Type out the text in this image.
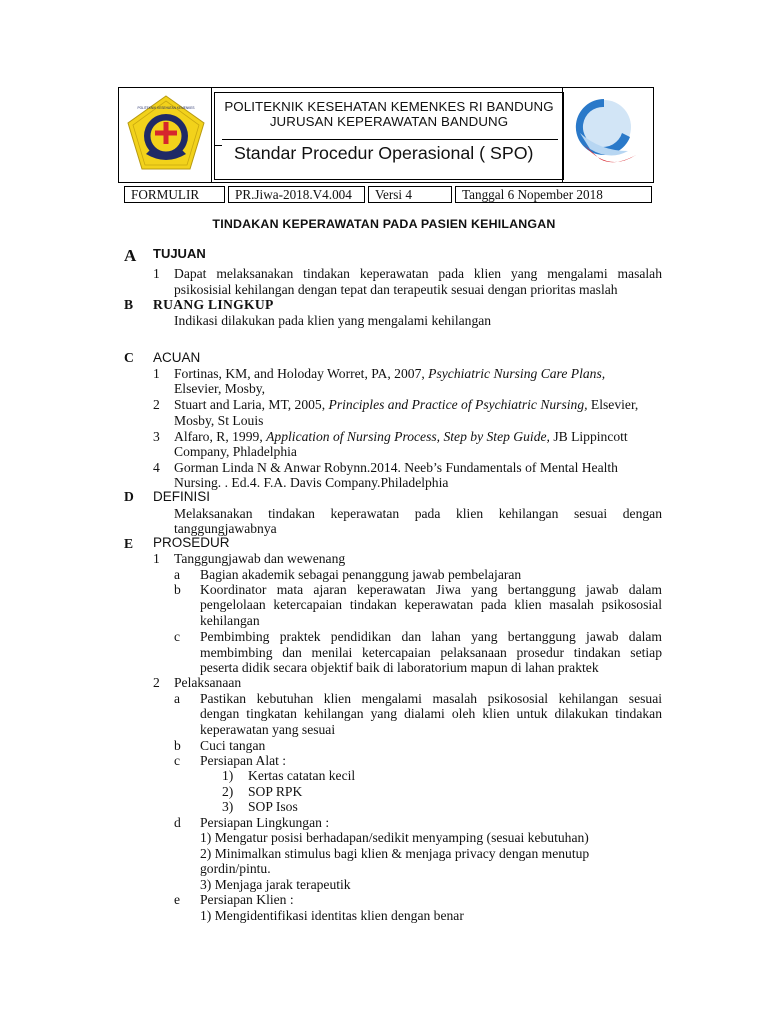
BANDUNG
POLITEKNIK KESEHATAN KEMENKES	POLITEKNIK KESEHATAN KEMENKES RI BANDUNG
JURUSAN KEPERAWATAN BANDUNG
Standar Procedur Operasional ( SPO)
FORMULIR	PR.Jiwa-2018.V4.004	Versi 4	Tanggal 6 Nopember 2018
TINDAKAN KEPERAWATAN PADA PASIEN KEHILANGAN
A TUJUAN
1 Dapat melaksanakan tindakan keperawatan pada klien yang mengalami masalah
psikosisial kehilangan dengan tepat dan terapeutik sesuai dengan prioritas maslah
B RUANG LINGKUP
Indikasi dilakukan pada klien yang mengalami kehilangan
C ACUAN
1 Fortinas, KM, and Holoday Worret, PA, 2007, Psychiatric Nursing Care Plans,
Elsevier, Mosby,
2 Stuart and Laria, MT, 2005, Principles and Practice of Psychiatric Nursing, Elsevier,
Mosby, St Louis
3 Alfaro, R, 1999, Application of Nursing Process, Step by Step Guide, JB Lippincott
Company, Phladelphia
4 Gorman Linda N & Anwar Robynn.2014. Neeb’s Fundamentals of Mental Health
Nursing. . Ed.4. F.A. Davis Company.Philadelphia
D DEFINISI
Melaksanakan tindakan keperawatan pada klien kehilangan sesuai dengan
tanggungjawabnya
E PROSEDUR
1 Tanggungjawab dan wewenang
a Bagian akademik sebagai penanggung jawab pembelajaran
b Koordinator mata ajaran keperawatan Jiwa yang bertanggung jawab dalam
pengelolaan ketercapaian tindakan keperawatan pada klien masalah psikososial
kehilangan
c Pembimbing praktek pendidikan dan lahan yang bertanggung jawab dalam
membimbing dan menilai ketercapaian pelaksanaan prosedur tindakan setiap
peserta didik secara objektif baik di laboratorium mapun di lahan praktek
2 Pelaksanaan
a Pastikan kebutuhan klien mengalami masalah psikososial kehilangan sesuai
dengan tingkatan kehilangan yang dialami oleh klien untuk dilakukan tindakan
keperawatan yang sesuai
b Cuci tangan
c Persiapan Alat :
1) Kertas catatan kecil
2) SOP RPK
3) SOP Isos
d Persiapan Lingkungan :
1) Mengatur posisi berhadapan/sedikit menyamping (sesuai kebutuhan)
2) Minimalkan stimulus bagi klien & menjaga privacy dengan menutup
gordin/pintu.
3) Menjaga jarak terapeutik
e Persiapan Klien :
1) Mengidentifikasi identitas klien dengan benar
